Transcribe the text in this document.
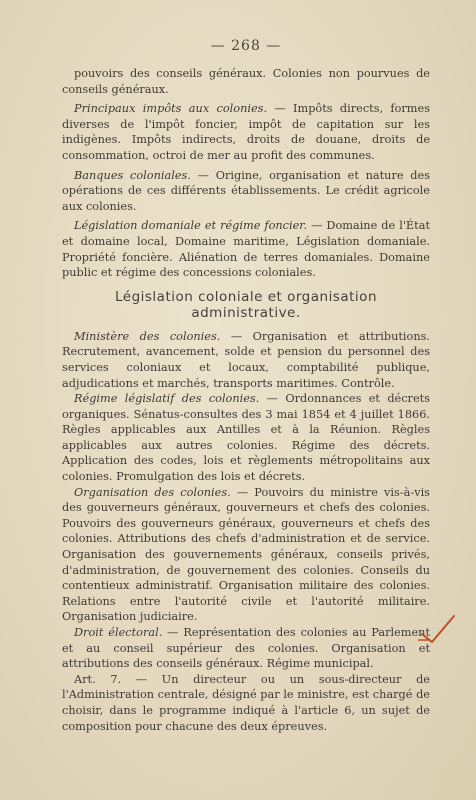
— 268 —

pouvoirs des conseils généraux. Colonies non pourvues de conseils généraux.

Principaux impôts aux colonies. — Impôts directs, formes diverses de l'impôt foncier, impôt de capitation sur les indigènes. Impôts indirects, droits de douane, droits de consommation, octroi de mer au profit des communes.

Banques coloniales. — Origine, organisation et nature des opérations de ces différents établissements. Le crédit agricole aux colonies.

Législation domaniale et régime foncier. — Domaine de l'État et domaine local, Domaine maritime, Législation domaniale. Propriété foncière. Aliénation de terres domaniales. Domaine public et régime des concessions coloniales.

Législation coloniale et organisation administrative.

Ministère des colonies. — Organisation et attributions. Recrutement, avancement, solde et pension du personnel des services coloniaux et locaux, comptabilité publique, adjudications et marchés, transports maritimes. Contrôle.

Régime législatif des colonies. — Ordonnances et décrets organiques. Sénatus-consultes des 3 mai 1854 et 4 juillet 1866. Règles applicables aux Antilles et à la Réunion. Règles applicables aux autres colonies. Régime des décrets. Application des codes, lois et règlements métropolitains aux colonies. Promulgation des lois et décrets.

Organisation des colonies. — Pouvoirs du ministre vis-à-vis des gouverneurs généraux, gouverneurs et chefs des colonies. Pouvoirs des gouverneurs généraux, gouverneurs et chefs des colonies. Attributions des chefs d'administration et de service. Organisation des gouvernements généraux, conseils privés, d'administration, de gouvernement des colonies. Conseils du contentieux administratif. Organisation militaire des colonies. Relations entre l'autorité civile et l'autorité militaire. Organisation judiciaire.

Droit électoral. — Représentation des colonies au Parlement et au conseil supérieur des colonies. Organisation et attributions des conseils généraux. Régime municipal.

Art. 7. — Un directeur ou un sous-directeur de l'Administration centrale, désigné par le ministre, est chargé de choisir, dans le programme indiqué à l'article 6, un sujet de composition pour chacune des deux épreuves.
